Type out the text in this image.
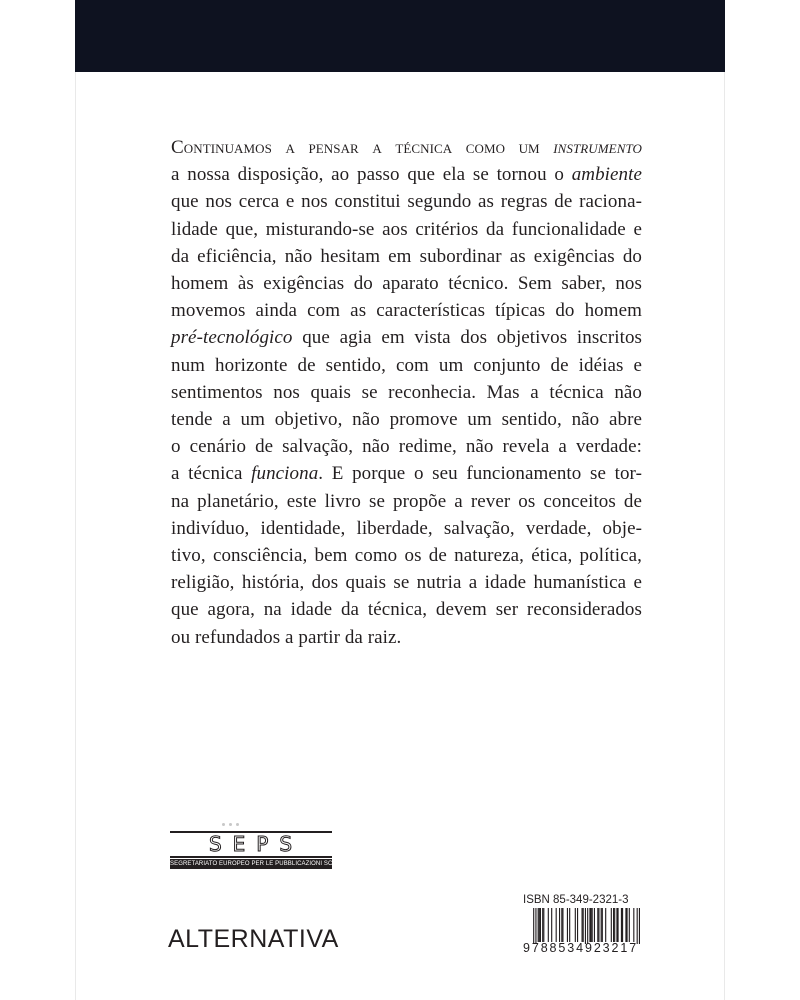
Continuamos a pensar a técnica como um instrumento
a nossa disposição, ao passo que ela se tornou o ambiente
que nos cerca e nos constitui segundo as regras de raciona-
lidade que, misturando-se aos critérios da funcionalidade e
da eficiência, não hesitam em subordinar as exigências do
homem às exigências do aparato técnico. Sem saber, nos
movemos ainda com as características típicas do homem
pré-tecnológico que agia em vista dos objetivos inscritos
num horizonte de sentido, com um conjunto de idéias e
sentimentos nos quais se reconhecia. Mas a técnica não
tende a um objetivo, não promove um sentido, não abre
o cenário de salvação, não redime, não revela a verdade:
a técnica funciona. E porque o seu funcionamento se tor-
na planetário, este livro se propõe a rever os conceitos de
indivíduo, identidade, liberdade, salvação, verdade, obje-
tivo, consciência, bem como os de natureza, ética, política,
religião, história, dos quais se nutria a idade humanística e
que agora, na idade da técnica, devem ser reconsiderados
ou refundados a partir da raiz.
SEPS
SEGRETARIATO EUROPEO PER LE PUBBLICAZIONI SCIENTIFICHE
ALTERNATIVA
ISBN 85-349-2321-3
9788534923217
